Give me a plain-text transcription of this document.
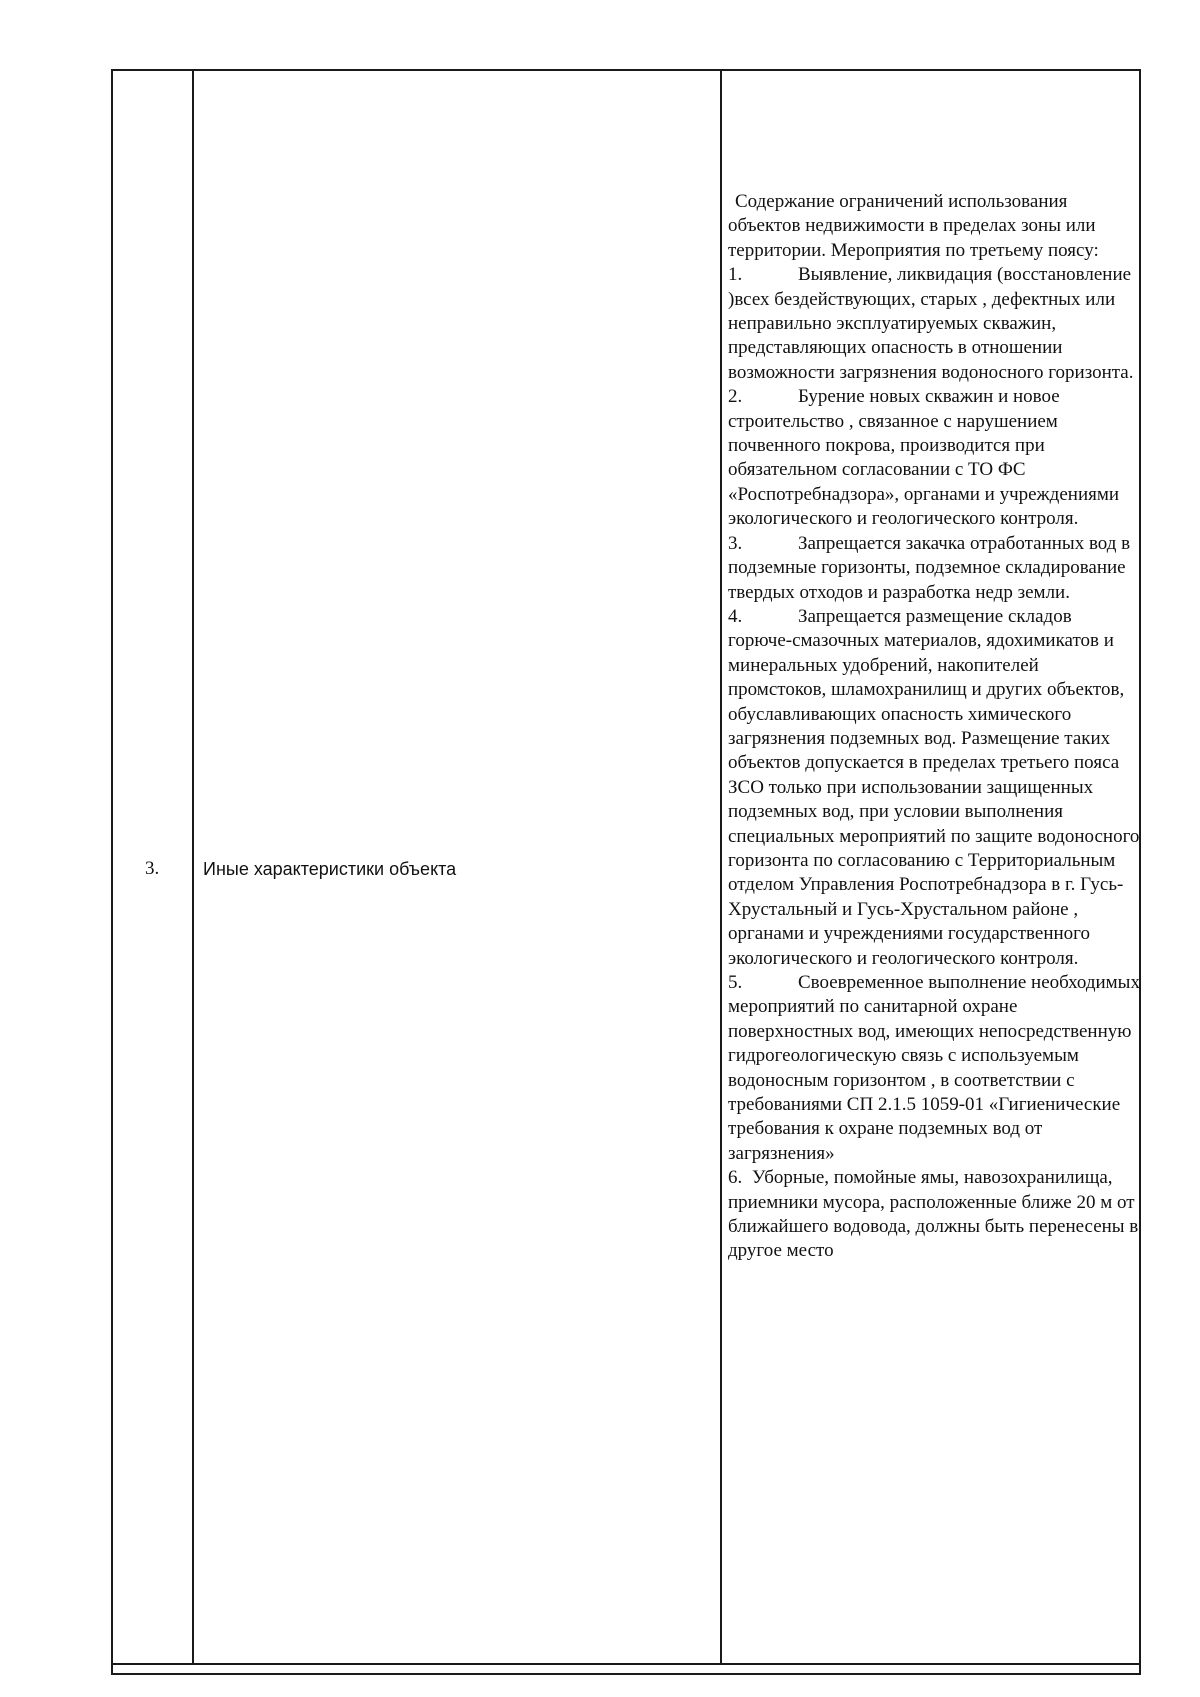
3. Иные характеристики объекта

Содержание ограничений использования объектов недвижимости в пределах зоны или территории. Мероприятия по третьему поясу:

1.	Выявление, ликвидация (восстановление )всех бездействующих, старых , дефектных или неправильно эксплуатируемых скважин, представляющих опасность в отношении возможности загрязнения водоносного горизонта.

2.	Бурение новых скважин и новое строительство , связанное с нарушением почвенного покрова, производится при обязательном согласовании с ТО ФС «Роспотребнадзора», органами и учреждениями экологического и геологического контроля.

3.	Запрещается закачка отработанных вод в подземные горизонты, подземное складирование твердых отходов и разработка недр земли.

4.	Запрещается размещение складов горюче-смазочных материалов, ядохимикатов и минеральных удобрений, накопителей промстоков, шламохранилищ и других объектов, обуславливающих опасность химического загрязнения подземных вод. Размещение таких объектов допускается в пределах третьего пояса ЗСО только при использовании защищенных подземных вод, при условии выполнения специальных мероприятий по защите водоносного горизонта по согласованию с Территориальным отделом Управления Роспотребнадзора в г. Гусь-Хрустальный и Гусь-Хрустальном районе , органами и учреждениями государственного экологического и геологического контроля.

5.	Своевременное выполнение необходимых мероприятий по санитарной охране поверхностных вод, имеющих непосредственную гидрогеологическую связь с используемым водоносным горизонтом , в соответствии с требованиями СП 2.1.5 1059-01 «Гигиенические требования к охране подземных вод от загрязнения»

6. Уборные, помойные ямы, навозохранилища, приемники мусора, расположенные ближе 20 м от ближайшего водовода, должны быть перенесены в другое место
